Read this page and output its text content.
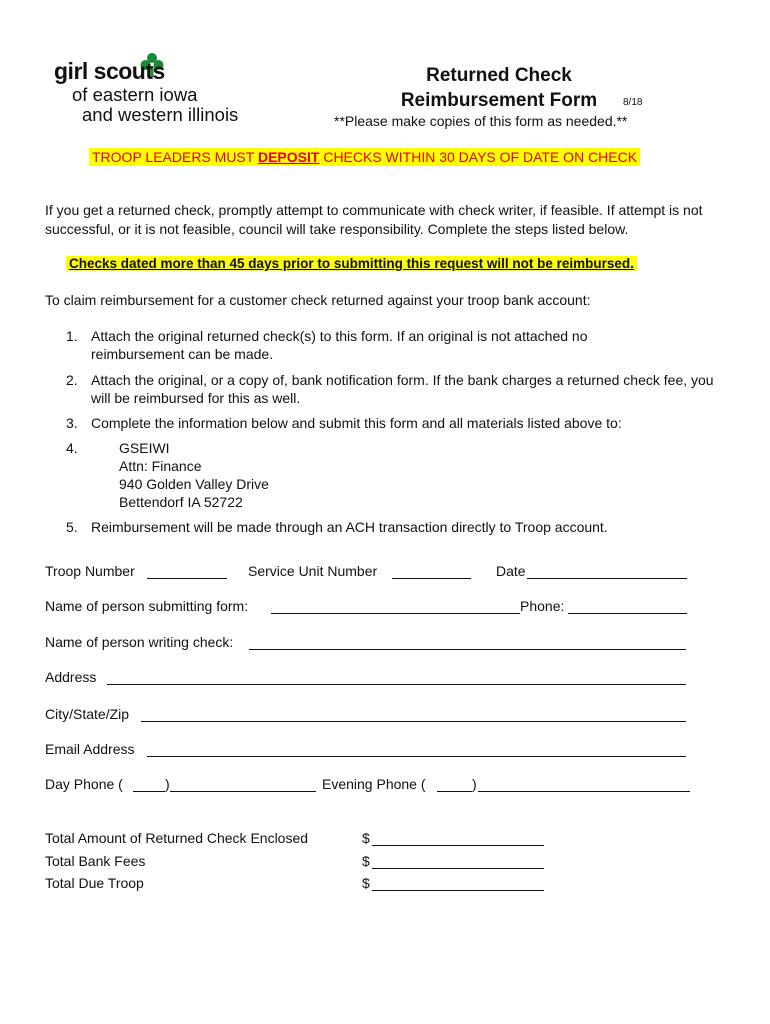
girl scouts
of eastern iowa
and western illinois
Returned Check
Reimbursement Form	8/18
**Please make copies of this form as needed.**
TROOP LEADERS MUST DEPOSIT CHECKS WITHIN 30 DAYS OF DATE ON CHECK
If you get a returned check, promptly attempt to communicate with check writer, if feasible. If attempt is not successful, or it is not feasible, council will take responsibility. Complete the steps listed below.
Checks dated more than 45 days prior to submitting this request will not be reimbursed.
To claim reimbursement for a customer check returned against your troop bank account:
1. Attach the original returned check(s) to this form. If an original is not attached no reimbursement can be made.
2. Attach the original, or a copy of, bank notification form. If the bank charges a returned check fee, you will be reimbursed for this as well.
3. Complete the information below and submit this form and all materials listed above to:
4.	GSEIWI
Attn: Finance
940 Golden Valley Drive
Bettendorf IA 52722
5. Reimbursement will be made through an ACH transaction directly to Troop account.
Troop Number	Service Unit Number	Date
Name of person submitting form:	Phone:
Name of person writing check:
Address
City/State/Zip
Email Address
Day Phone (	)	Evening Phone (	)
Total Amount of Returned Check Enclosed	$
Total Bank Fees	$
Total Due Troop	$
